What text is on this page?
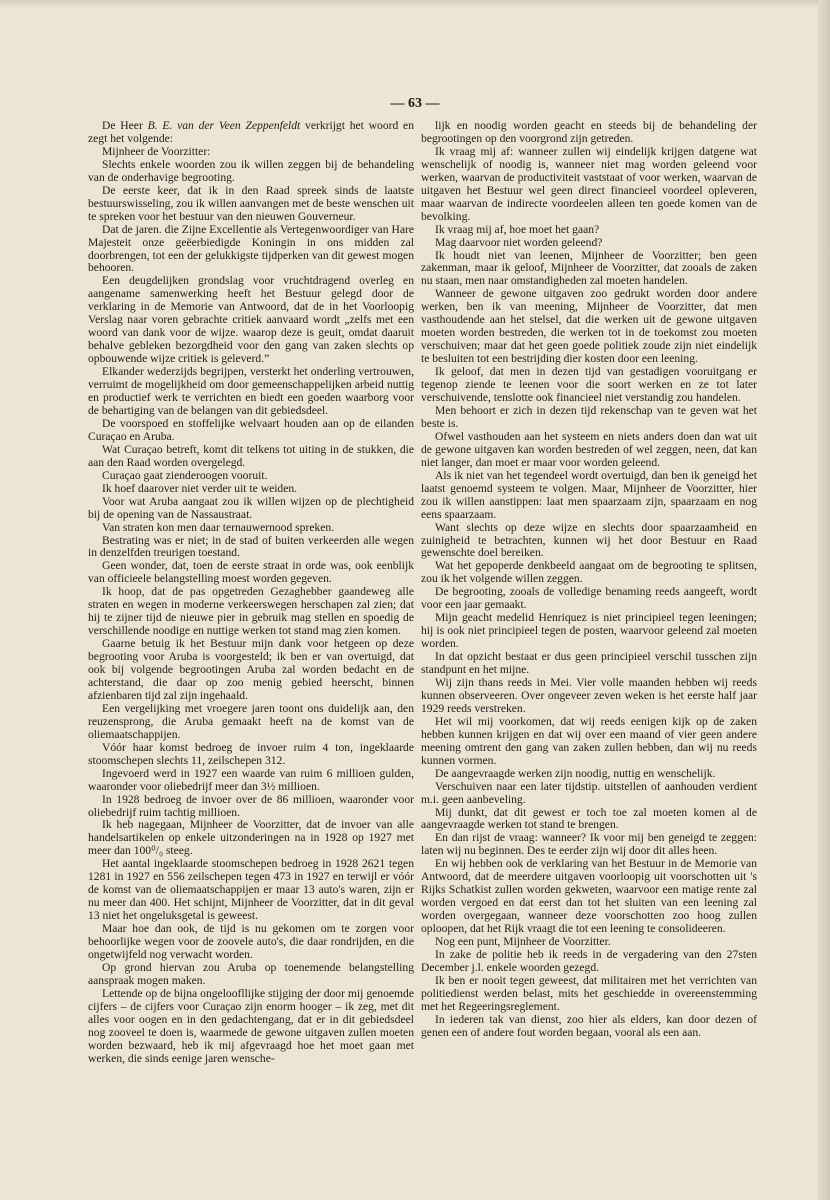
— 63 —

De Heer B. E. van der Veen Zeppenfeldt verkrijgt het woord en zegt het volgende:

Mijnheer de Voorzitter:

Slechts enkele woorden zou ik willen zeggen bij de behandeling van de onderhavige begrooting.

De eerste keer, dat ik in den Raad spreek sinds de laatste bestuurswisseling, zou ik willen aanvangen met de beste wenschen uit te spreken voor het bestuur van den nieuwen Gouverneur.

Dat de jaren. die Zijne Excellentie als Vertegenwoordiger van Hare Majesteit onze geëerbiedigde Koningin in ons midden zal doorbrengen, tot een der gelukkigste tijdperken van dit gewest mogen behooren.

Een deugdelijken grondslag voor vruchtdragend overleg en aangename samenwerking heeft het Bestuur gelegd door de verklaring in de Memorie van Antwoord, dat de in het Voorloopig Verslag naar voren gebrachte critiek aanvaard wordt „zelfs met een woord van dank voor de wijze. waarop deze is geuit, omdat daaruit behalve gebleken bezorgdheid voor den gang van zaken slechts op opbouwende wijze critiek is geleverd.”

Elkander wederzijds begrijpen, versterkt het onderling vertrouwen, verruimt de mogelijkheid om door gemeenschappelijken arbeid nuttig en productief werk te verrichten en biedt een goeden waarborg voor de behartiging van de belangen van dit gebiedsdeel.

De voorspoed en stoffelijke welvaart houden aan op de eilanden Curaçao en Aruba.

Wat Curaçao betreft, komt dit telkens tot uiting in de stukken, die aan den Raad worden overgelegd.

Curaçao gaat zienderoogen vooruit.

Ik hoef daarover niet verder uit te weiden.

Voor wat Aruba aangaat zou ik willen wijzen op de plechtigheid bij de opening van de Nassaustraat.

Van straten kon men daar ternauwernood spreken.

Bestrating was er niet; in de stad of buiten verkeerden alle wegen in denzelfden treurigen toestand.

Geen wonder, dat, toen de eerste straat in orde was, ook eenblijk van officieele belangstelling moest worden gegeven.

Ik hoop, dat de pas opgetreden Gezaghebber gaandeweg alle straten en wegen in moderne verkeerswegen herschapen zal zien; dat hij te zijner tijd de nieuwe pier in gebruik mag stellen en spoedig de verschillende noodige en nuttige werken tot stand mag zien komen.

Gaarne betuig ik het Bestuur mijn dank voor hetgeen op deze begrooting voor Aruba is voorgesteld; ik ben er van overtuigd, dat ook bij volgende begrootingen Aruba zal worden bedacht en de achterstand, die daar op zoo menig gebied heerscht, binnen afzienbaren tijd zal zijn ingehaald.

Een vergelijking met vroegere jaren toont ons duidelijk aan, den reuzensprong, die Aruba gemaakt heeft na de komst van de oliemaatschappijen.

Vóór haar komst bedroeg de invoer ruim 4 ton, ingeklaarde stoomschepen slechts 11, zeilschepen 312.

Ingevoerd werd in 1927 een waarde van ruim 6 millioen gulden, waaronder voor oliebedrijf meer dan 3½ millioen.

In 1928 bedroeg de invoer over de 86 millioen, waaronder voor oliebedrijf ruim tachtig millioen.

Ik heb nagegaan, Mijnheer de Voorzitter, dat de invoer van alle handelsartikelen op enkele uitzonderingen na in 1928 op 1927 met meer dan 100⁰/₀ steeg.

Het aantal ingeklaarde stoomschepen bedroeg in 1928 2621 tegen 1281 in 1927 en 556 zeilschepen tegen 473 in 1927 en terwijl er vóór de komst van de oliemaatschappijen er maar 13 auto's waren, zijn er nu meer dan 400. Het schijnt, Mijnheer de Voorzitter, dat in dit geval 13 niet het ongeluksgetal is geweest.

Maar hoe dan ook, de tijd is nu gekomen om te zorgen voor behoorlijke wegen voor de zoovele auto's, die daar rondrijden, en die ongetwijfeld nog verwacht worden.

Op grond hiervan zou Aruba op toenemende belangstelling aanspraak mogen maken.

Lettende op de bijna ongeloofllijke stijging der door mij genoemde cijfers – de cijfers voor Curaçao zijn enorm hooger – ik zeg, met dit alles voor oogen en in den gedachtengang, dat er in dit gebiedsdeel nog zooveel te doen is, waarmede de gewone uitgaven zullen moeten worden bezwaard, heb ik mij afgevraagd hoe het moet gaan met werken, die sinds eenige jaren wensche-

lijk en noodig worden geacht en steeds bij de behandeling der begrootingen op den voorgrond zijn getreden.

Ik vraag mij af: wanneer zullen wij eindelijk krijgen datgene wat wenschelijk of noodig is, wanneer niet mag worden geleend voor werken, waarvan de productiviteit vaststaat of voor werken, waarvan de uitgaven het Bestuur wel geen direct financieel voordeel opleveren, maar waarvan de indirecte voordeelen alleen ten goede komen van de bevolking.

Ik vraag mij af, hoe moet het gaan?

Mag daarvoor niet worden geleend?

Ik houdt niet van leenen, Mijnheer de Voorzitter; ben geen zakenman, maar ik geloof, Mijnheer de Voorzitter, dat zooals de zaken nu staan, men naar omstandigheden zal moeten handelen.

Wanneer de gewone uitgaven zoo gedrukt worden door andere werken, ben ik van meening, Mijnheer de Voorzitter, dat men vasthoudende aan het stelsel, dat die werken uit de gewone uitgaven moeten worden bestreden, die werken tot in de toekomst zou moeten verschuiven; maar dat het geen goede politiek zoude zijn niet eindelijk te besluiten tot een bestrijding dier kosten door een leening.

Ik geloof, dat men in dezen tijd van gestadigen vooruitgang er tegenop ziende te leenen voor die soort werken en ze tot later verschuivende, tenslotte ook financieel niet verstandig zou handelen.

Men behoort er zich in dezen tijd rekenschap van te geven wat het beste is.

Ofwel vasthouden aan het systeem en niets anders doen dan wat uit de gewone uitgaven kan worden bestreden of wel zeggen, neen, dat kan niet langer, dan moet er maar voor worden geleend.

Als ik niet van het tegendeel wordt overtuigd, dan ben ik geneigd het laatst genoemd systeem te volgen. Maar, Mijnheer de Voorzitter, hier zou ik willen aanstippen: laat men spaarzaam zijn, spaarzaam en nog eens spaarzaam.

Want slechts op deze wijze en slechts door spaarzaamheid en zuinigheid te betrachten, kunnen wij het door Bestuur en Raad gewenschte doel bereiken.

Wat het gepoperde denkbeeld aangaat om de begrooting te splitsen, zou ik het volgende willen zeggen.

De begrooting, zooals de volledige benaming reeds aangeeft, wordt voor een jaar gemaakt.

Mijn geacht medelid Henriquez is niet principieel tegen leeningen; hij is ook niet principieel tegen de posten, waarvoor geleend zal moeten worden.

In dat opzicht bestaat er dus geen principieel verschil tusschen zijn standpunt en het mijne.

Wij zijn thans reeds in Mei. Vier volle maanden hebben wij reeds kunnen observeeren. Over ongeveer zeven weken is het eerste half jaar 1929 reeds verstreken.

Het wil mij voorkomen, dat wij reeds eenigen kijk op de zaken hebben kunnen krijgen en dat wij over een maand of vier geen andere meening omtrent den gang van zaken zullen hebben, dan wij nu reeds kunnen vormen.

De aangevraagde werken zijn noodig, nuttig en wenschelijk.

Verschuiven naar een later tijdstip. uitstellen of aanhouden verdient m.i. geen aanbeveling.

Mij dunkt, dat dit gewest er toch toe zal moeten komen al de aangevraagde werken tot stand te brengen.

En dan rijst de vraag: wanneer? Ik voor mij ben geneigd te zeggen: laten wij nu beginnen. Des te eerder zijn wij door dit alles heen.

En wij hebben ook de verklaring van het Bestuur in de Memorie van Antwoord, dat de meerdere uitgaven voorloopig uit voorschotten uit 's Rijks Schatkist zullen worden gekweten, waarvoor een matige rente zal worden vergoed en dat eerst dan tot het sluiten van een leening zal worden overgegaan, wanneer deze voorschotten zoo hoog zullen oploopen, dat het Rijk vraagt die tot een leening te consolideeren.

Nog een punt, Mijnheer de Voorzitter.

In zake de politie heb ik reeds in de vergadering van den 27sten December j.l. enkele woorden gezegd.

Ik ben er nooit tegen geweest, dat militairen met het verrichten van politiedienst werden belast, mits het geschiedde in overeenstemming met het Regeeringsreglement.

In iederen tak van dienst, zoo hier als elders, kan door dezen of genen een of andere fout worden begaan, vooral als een aan.
